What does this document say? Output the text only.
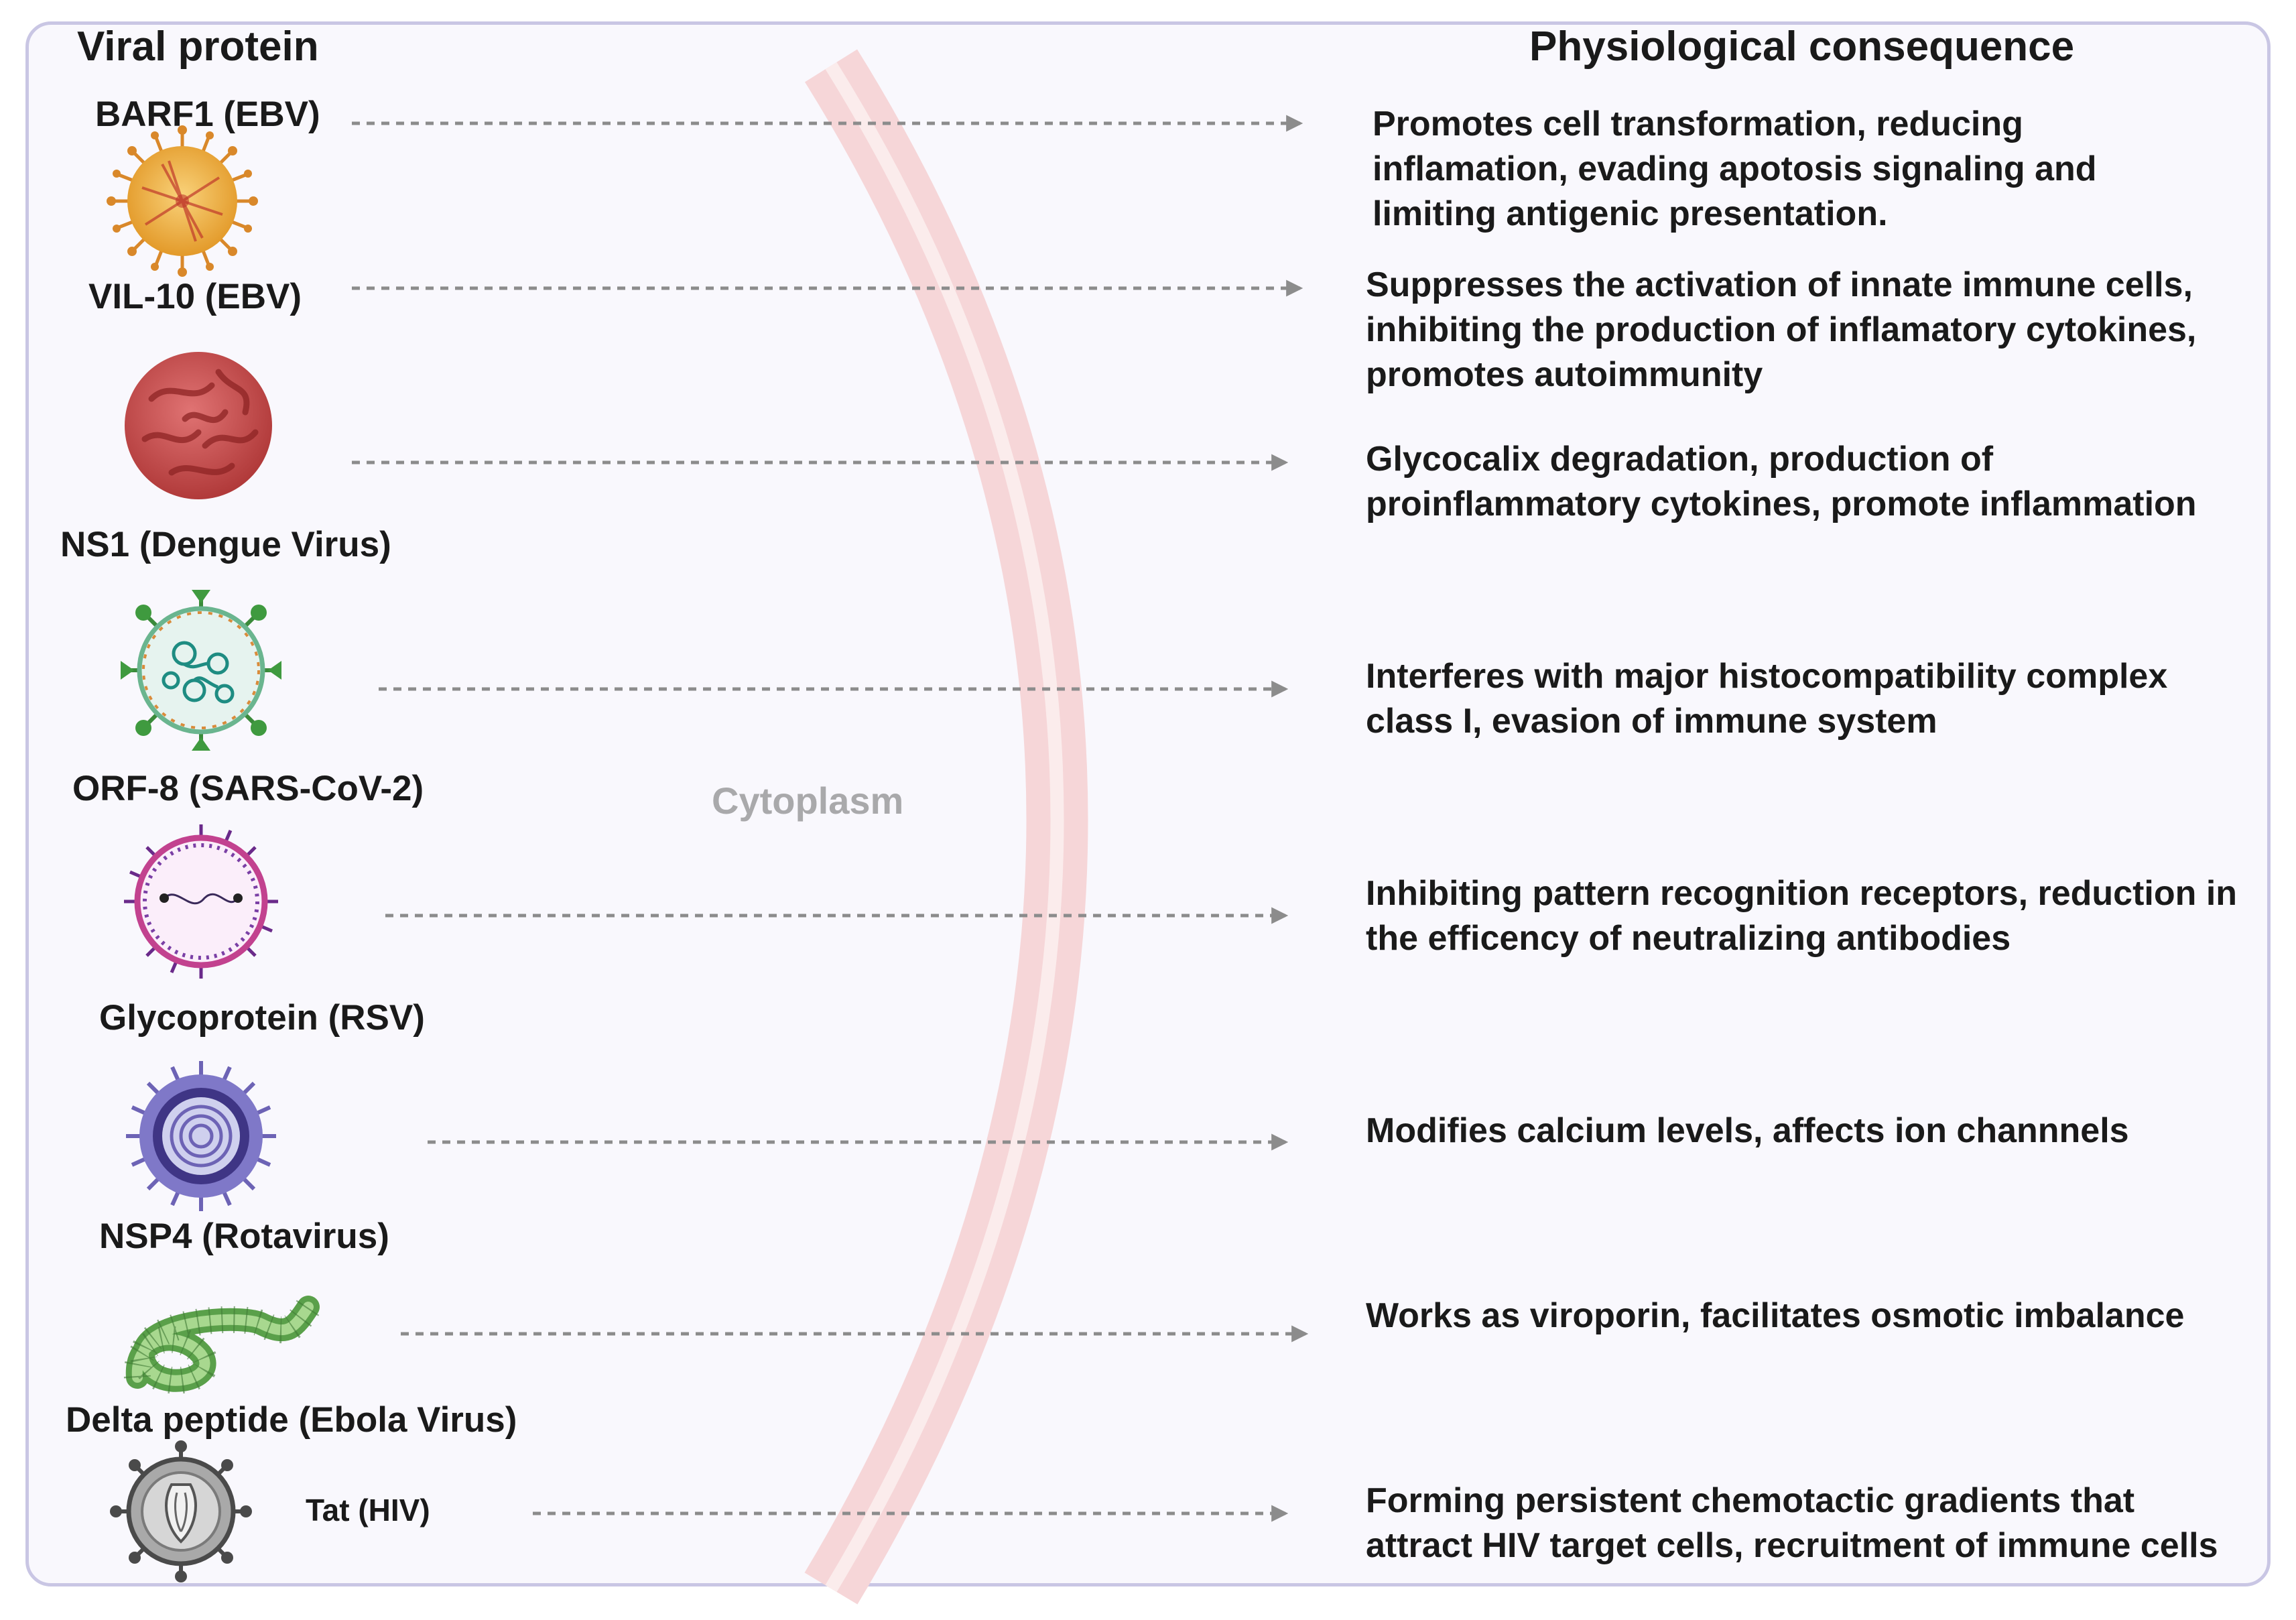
Viral protein	Physiological consequence
Cytoplasm
BARF1 (EBV)
VIL-10 (EBV)
NS1 (Dengue Virus)
ORF-8 (SARS-CoV-2)
Glycoprotein (RSV)
NSP4 (Rotavirus)
Delta peptide (Ebola Virus)
Tat (HIV)
Promotes cell transformation, reducing
inflamation, evading apotosis signaling and
limiting antigenic presentation.
Suppresses the activation of innate immune cells,
inhibiting the production of inflamatory cytokines,
promotes autoimmunity
Glycocalix degradation, production of
proinflammatory cytokines, promote inflammation
Interferes with major histocompatibility complex
class I, evasion of immune system
Inhibiting pattern recognition receptors, reduction in
the efficency of neutralizing antibodies
Modifies calcium levels, affects ion channnels
Works as viroporin, facilitates osmotic imbalance
Forming persistent chemotactic gradients that
attract HIV target cells, recruitment of immune cells
